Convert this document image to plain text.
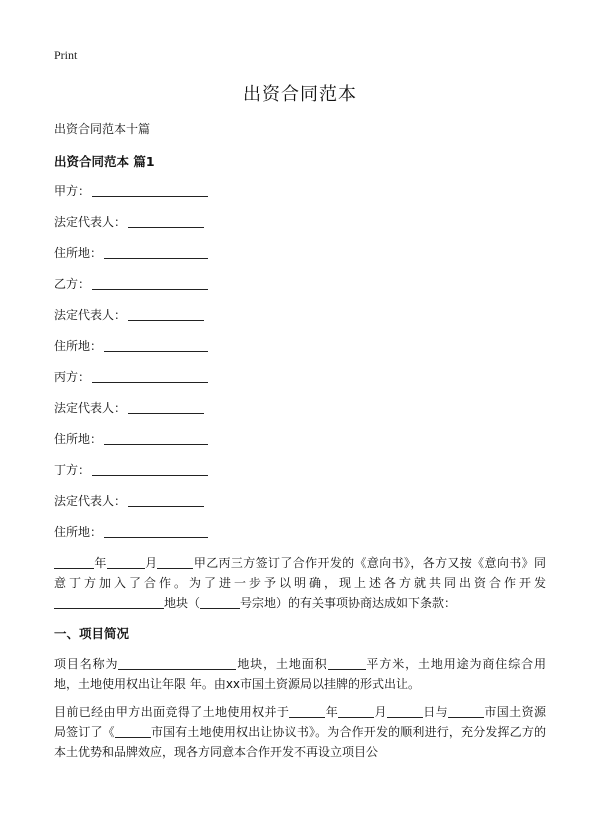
Print
出资合同范本
出资合同范本十篇
出资合同范本 篇1
甲方：
法定代表人：
住所地：
乙方：
法定代表人：
住所地：
丙方：
法定代表人：
住所地：
丁方：
法定代表人：
住所地：

年	月	甲乙丙三方签订了合作开发的《意向书》，各方又按《意向书》同意丁方加入了合作。为了进一步予以明确，现上述各方就共同出资合作开发地块（	号宗地）的有关事项协商达成如下条款：

一、项目简况

项目名称为	地块，土地面积	平方米，土地用途为商住综合用地，土地使用权出让年限 年。由xx市国土资源局以挂牌的形式出让。

目前已经由甲方出面竞得了土地使用权并于	年	月	日与	市国土资源局签订了《	市国有土地使用权出让协议书》。为合作开发的顺利进行，充分发挥乙方的本土优势和品牌效应，现各方同意本合作开发不再设立项目公
